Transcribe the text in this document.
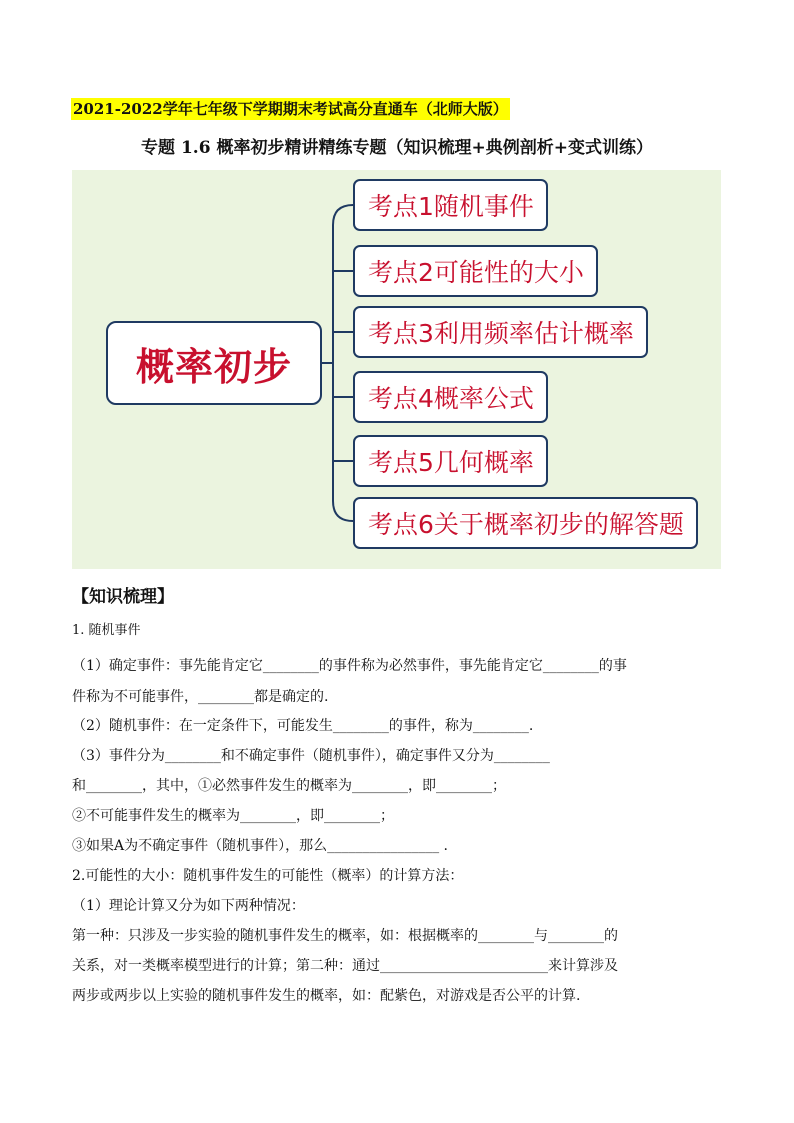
2021-2022学年七年级下学期期末考试高分直通车（北师大版）
专题 1.6 概率初步精讲精练专题（知识梳理+典例剖析+变式训练）
概率初步
考点1随机事件
考点2可能性的大小
考点3利用频率估计概率
考点4概率公式
考点5几何概率
考点6关于概率初步的解答题
【知识梳理】
1. 随机事件
（1）确定事件：事先能肯定它________的事件称为必然事件，事先能肯定它________的事
件称为不可能事件，________都是确定的.
（2）随机事件：在一定条件下，可能发生________的事件，称为________.
（3）事件分为________和不确定事件（随机事件），确定事件又分为________
和________，其中，①必然事件发生的概率为________，即________；
②不可能事件发生的概率为________，即________；
③如果A为不确定事件（随机事件），那么________________ .
2.可能性的大小：随机事件发生的可能性（概率）的计算方法：
（1）理论计算又分为如下两种情况：
第一种：只涉及一步实验的随机事件发生的概率，如：根据概率的________与________的
关系，对一类概率模型进行的计算；第二种：通过________________________来计算涉及
两步或两步以上实验的随机事件发生的概率，如：配紫色，对游戏是否公平的计算.
